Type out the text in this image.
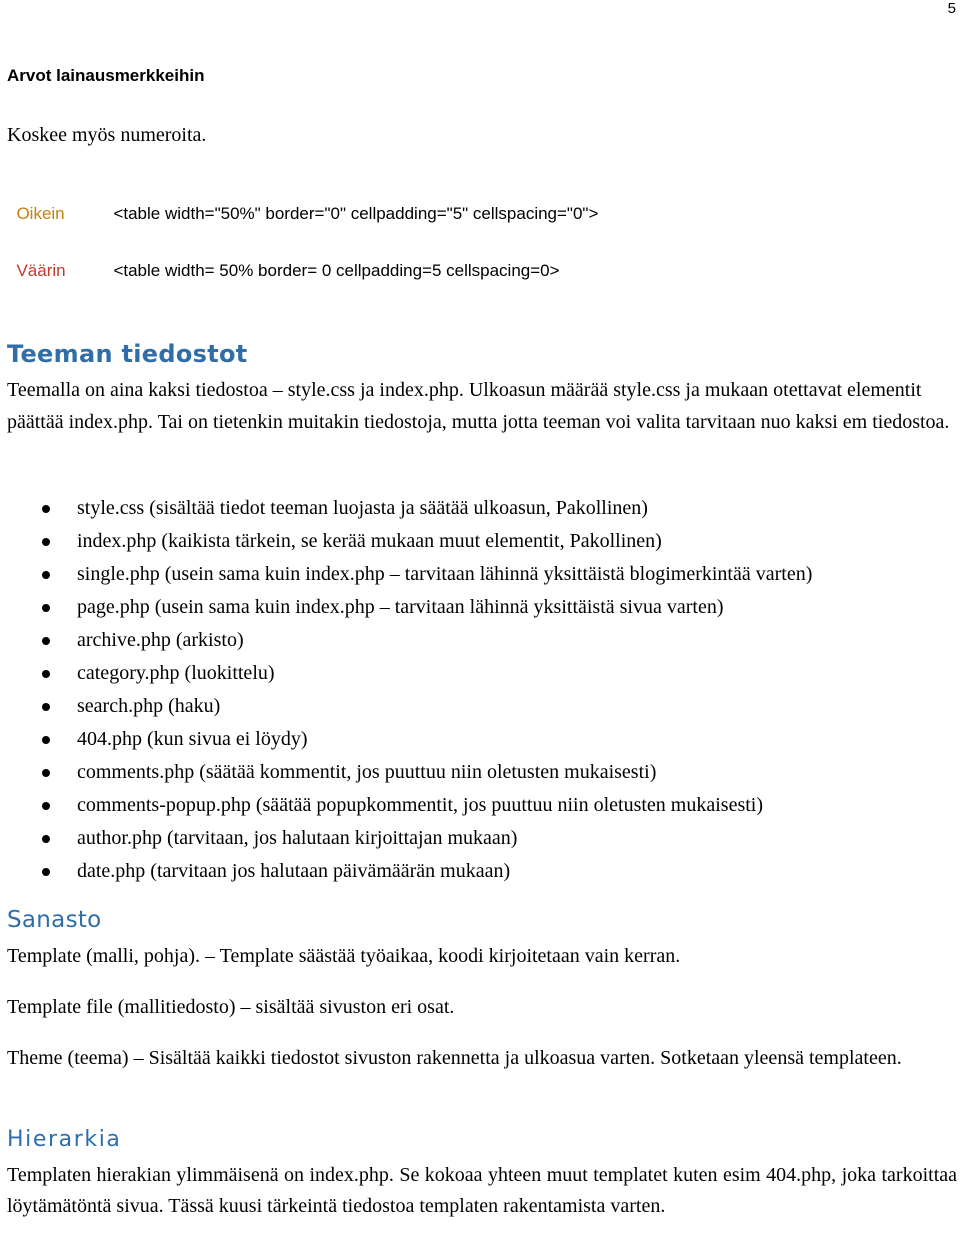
5
Arvot lainausmerkkeihin
Koskee myös numeroita.

Oikein	<table width="50%" border="0" cellpadding="5" cellspacing="0">

Väärin	<table width= 50% border= 0 cellpadding=5 cellspacing=0>

Teeman tiedostot
Teemalla on aina kaksi tiedostoa – style.css ja index.php. Ulkoasun määrää style.css ja mukaan otettavat elementit päättää index.php. Tai on tietenkin muitakin tiedostoja, mutta jotta teeman voi valita tarvitaan nuo kaksi em tiedostoa.
style.css (sisältää tiedot teeman luojasta ja säätää ulkoasun, Pakollinen)
index.php (kaikista tärkein, se kerää mukaan muut elementit, Pakollinen)
single.php (usein sama kuin index.php – tarvitaan lähinnä yksittäistä blogimerkintää varten)
page.php (usein sama kuin index.php – tarvitaan lähinnä yksittäistä sivua varten)
archive.php (arkisto)
category.php (luokittelu)
search.php (haku)
404.php (kun sivua ei löydy)
comments.php (säätää kommentit, jos puuttuu niin oletusten mukaisesti)
comments-popup.php (säätää popupkommentit, jos puuttuu niin oletusten mukaisesti)
author.php (tarvitaan, jos halutaan kirjoittajan mukaan)
date.php (tarvitaan jos halutaan päivämäärän mukaan)
Sanasto
Template (malli, pohja). – Template säästää työaikaa, koodi kirjoitetaan vain kerran.
Template file (mallitiedosto) – sisältää sivuston eri osat.
Theme (teema) – Sisältää kaikki tiedostot sivuston rakennetta ja ulkoasua varten. Sotketaan yleensä templateen.
Hierarkia
Templaten hierakian ylimmäisenä on index.php. Se kokoaa yhteen muut templatet kuten esim 404.php, joka tarkoittaa löytämätöntä sivua. Tässä kuusi tärkeintä tiedostoa templaten rakentamista varten.
